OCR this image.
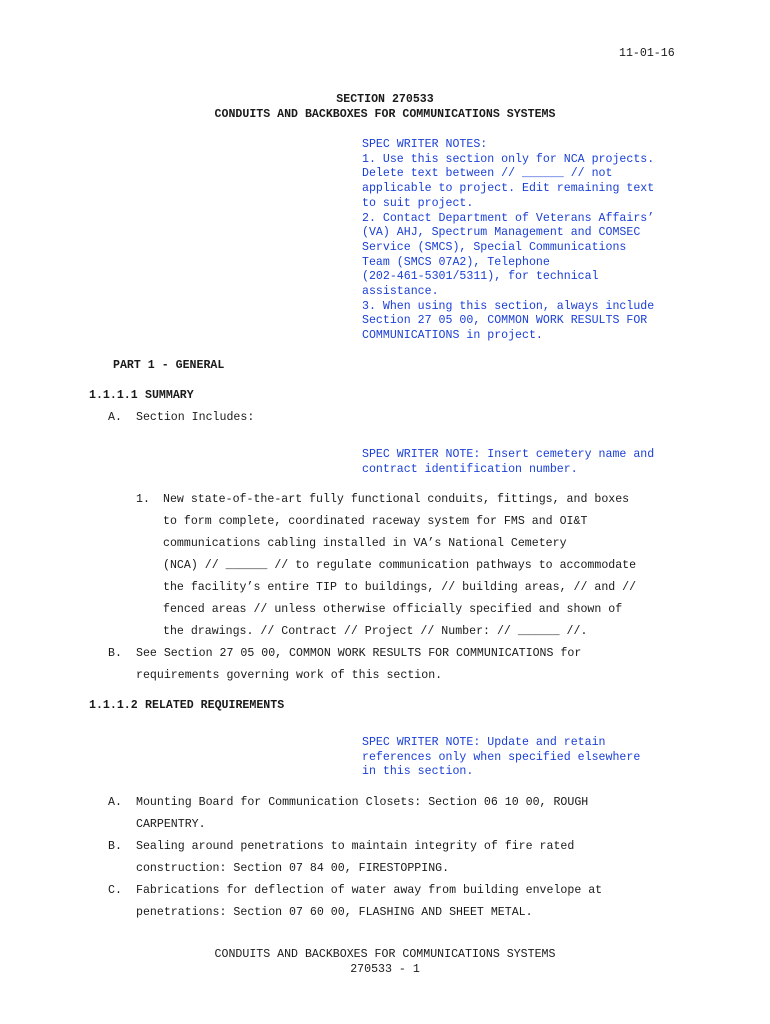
11-01-16
SECTION 270533
CONDUITS AND BACKBOXES FOR COMMUNICATIONS SYSTEMS
SPEC WRITER NOTES:
1. Use this section only for NCA projects.
Delete text between // ______ // not
applicable to project. Edit remaining text
to suit project.
2. Contact Department of Veterans Affairs’
(VA) AHJ, Spectrum Management and COMSEC
Service (SMCS), Special Communications
Team (SMCS 07A2), Telephone
(202-461-5301/5311), for technical
assistance.
3. When using this section, always include
Section 27 05 00, COMMON WORK RESULTS FOR
COMMUNICATIONS in project.
PART 1 - GENERAL
1.1.1.1 SUMMARY
A. Section Includes:
SPEC WRITER NOTE: Insert cemetery name and
contract identification number.
1. New state-of-the-art fully functional conduits, fittings, and boxes
to form complete, coordinated raceway system for FMS and OI&T
communications cabling installed in VA’s National Cemetery
(NCA) // ______ // to regulate communication pathways to accommodate
the facility’s entire TIP to buildings, // building areas, // and //
fenced areas // unless otherwise officially specified and shown of
the drawings. // Contract // Project // Number: // ______ //.
B. See Section 27 05 00, COMMON WORK RESULTS FOR COMMUNICATIONS for
requirements governing work of this section.
1.1.1.2 RELATED REQUIREMENTS
SPEC WRITER NOTE: Update and retain
references only when specified elsewhere
in this section.
A. Mounting Board for Communication Closets: Section 06 10 00, ROUGH
CARPENTRY.
B. Sealing around penetrations to maintain integrity of fire rated
construction: Section 07 84 00, FIRESTOPPING.
C. Fabrications for deflection of water away from building envelope at
penetrations: Section 07 60 00, FLASHING AND SHEET METAL.
CONDUITS AND BACKBOXES FOR COMMUNICATIONS SYSTEMS
270533 - 1
